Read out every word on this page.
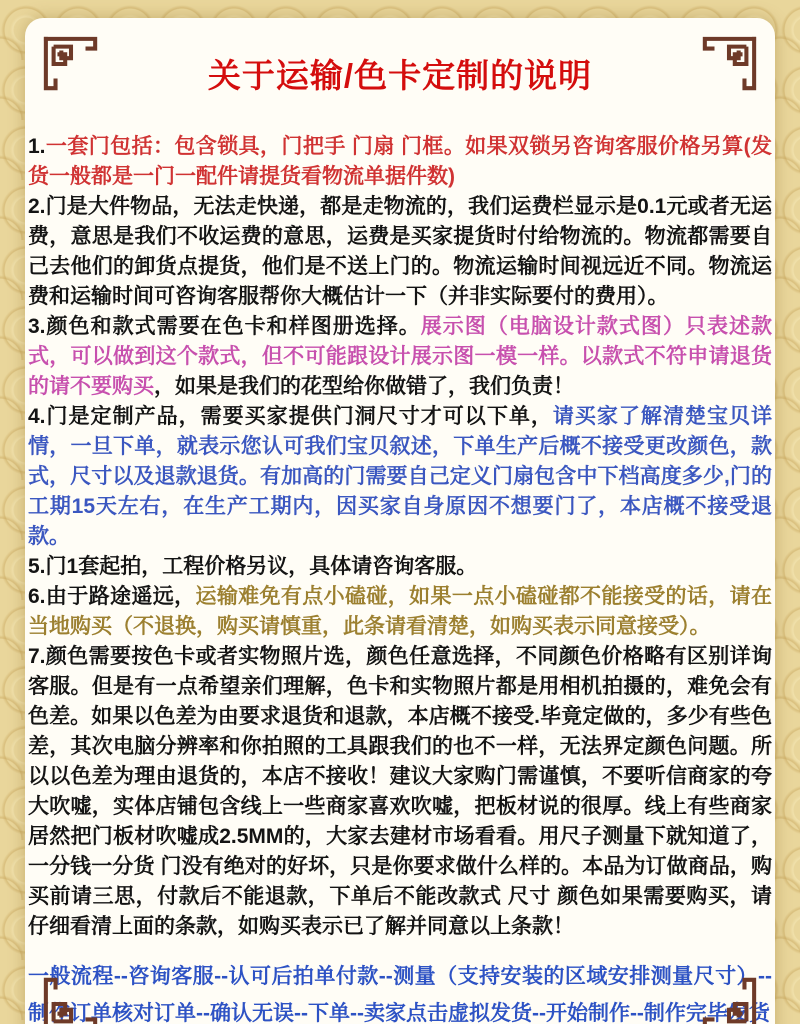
关于运输/色卡定制的说明

1.一套门包括：包含锁具，门把手 门扇 门框。如果双锁另咨询客服价格另算(发货一般都是一门一配件请提货看物流单据件数)

2.门是大件物品，无法走快递，都是走物流的，我们运费栏显示是0.1元或者无运费，意思是我们不收运费的意思，运费是买家提货时付给物流的。物流都需要自己去他们的卸货点提货，他们是不送上门的。物流运输时间视远近不同。物流运费和运输时间可咨询客服帮你大概估计一下（并非实际要付的费用）。

3.颜色和款式需要在色卡和样图册选择。展示图（电脑设计款式图）只表述款式，可以做到这个款式，但不可能跟设计展示图一模一样。以款式不符申请退货的请不要购买，如果是我们的花型给你做错了，我们负责！

4.门是定制产品，需要买家提供门洞尺寸才可以下单，请买家了解清楚宝贝详情，一旦下单，就表示您认可我们宝贝叙述，下单生产后概不接受更改颜色，款式，尺寸以及退款退货。有加高的门需要自己定义门扇包含中下档高度多少,门的工期15天左右，在生产工期内，因买家自身原因不想要门了，本店概不接受退款。

5.门1套起拍，工程价格另议，具体请咨询客服。

6.由于路途遥远，运输难免有点小磕碰，如果一点小磕碰都不能接受的话，请在当地购买（不退换，购买请慎重，此条请看清楚，如购买表示同意接受）。

7.颜色需要按色卡或者实物照片选，颜色任意选择，不同颜色价格略有区别详询客服。但是有一点希望亲们理解，色卡和实物照片都是用相机拍摄的，难免会有色差。如果以色差为由要求退货和退款，本店概不接受.毕竟定做的，多少有些色差，其次电脑分辨率和你拍照的工具跟我们的也不一样，无法界定颜色问题。所以以色差为理由退货的，本店不接收！建议大家购门需谨慎，不要听信商家的夸大吹嘘，实体店铺包含线上一些商家喜欢吹嘘，把板材说的很厚。线上有些商家居然把门板材吹嘘成2.5MM的，大家去建材市场看看。用尺子测量下就知道了，一分钱一分货 门没有绝对的好坏，只是你要求做什么样的。本品为订做商品，购买前请三思，付款后不能退款，下单后不能改款式 尺寸 颜色如果需要购买，请仔细看清上面的条款，如购买表示已了解并同意以上条款！

一般流程--咨询客服--认可后拍单付款--测量（支持安装的区域安排测量尺寸）--制作订单核对订单--确认无误--下单--卖家点击虚拟发货--开始制作--制作完毕发货
